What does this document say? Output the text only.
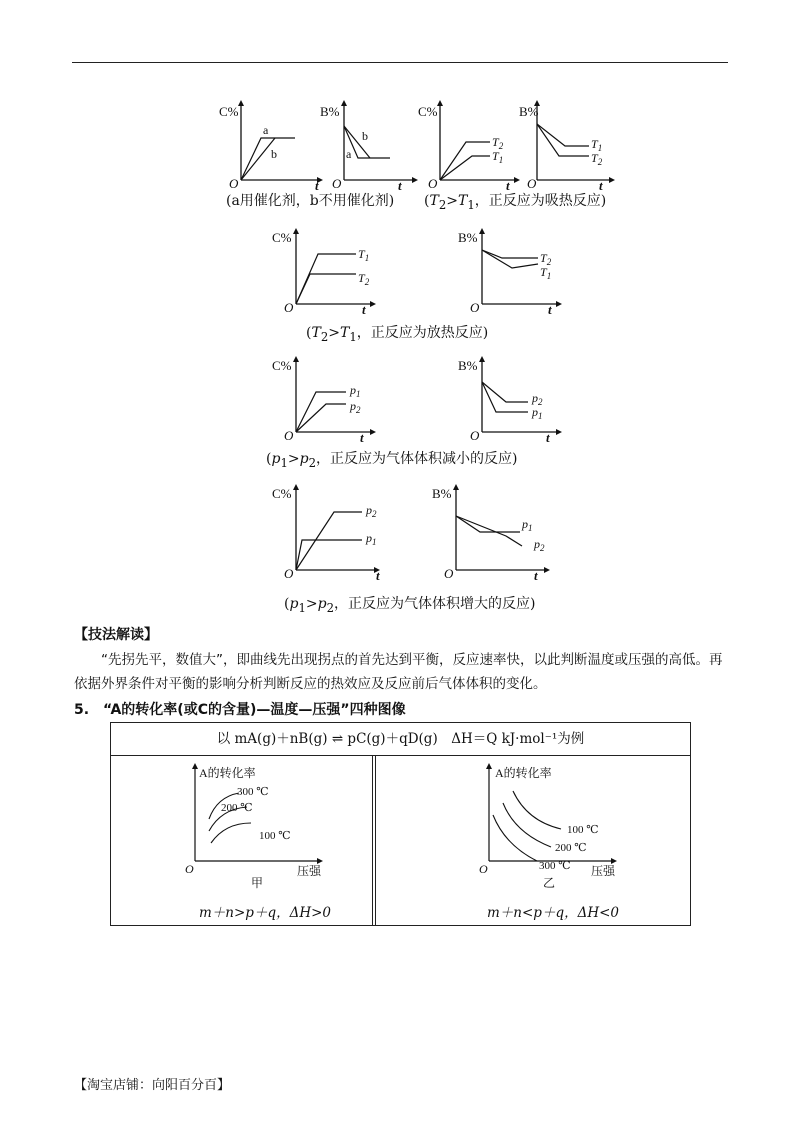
C%
a
b
O	t
B%
b
a
O	t
C%
$T_2$
$T_1$
O	t
B%
$T_1$
$T_2$
O	t
(a用催化剂，b不用催化剂) ($T_2>T_1$，正反应为吸热反应)
C%
$T_1$
$T_2$
O	t
B%
$T_2$
$T_1$
O	t
($T_2>T_1$，正反应为放热反应)
C%
$p_1$
$p_2$
O	t
B%
$p_2$
$p_1$
O	t
($p_1>p_2$，正反应为气体体积减小的反应)
C%
$p_2$
$p_1$
O	t
B%
$p_1$
$p_2$
O	t
($p_1>p_2$，正反应为气体体积增大的反应)
【技法解读】
“先拐先平，数值大”，即曲线先出现拐点的首先达到平衡，反应速率快，以此判断温度或压强的高低。再依据外界条件对平衡的影响分析判断反应的热效应及反应前后气体体积的变化。
5.　“A的转化率(或C的含量)—温度—压强”四种图像
以 mA(g)＋nB(g) ⇌ pC(g)＋qD(g)　ΔH＝Q kJ·mol⁻¹为例
A的转化率
300 ℃
200 ℃
100 ℃
O	压强
甲
m＋n>p＋q，ΔH>0
A的转化率
100 ℃
200 ℃
300 ℃
O	压强
乙
m＋n<p＋q，ΔH<0
【淘宝店铺：向阳百分百】
